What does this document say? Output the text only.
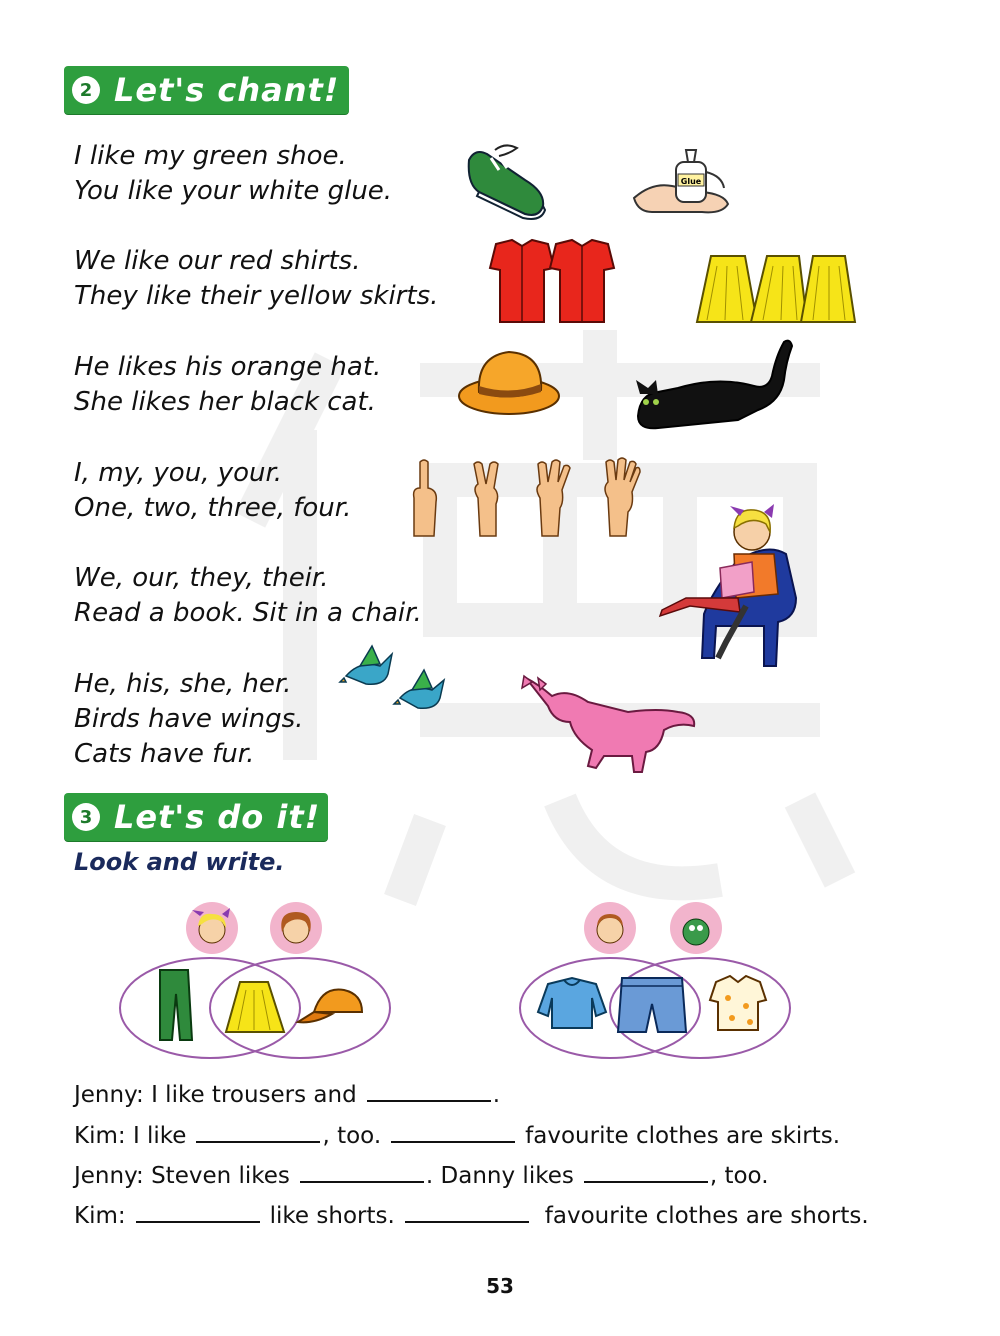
2 Let's chant!
I like my green shoe.
You like your white glue.
We like our red shirts.
They like their yellow skirts.
He likes his orange hat.
She likes her black cat.
I, my, you, your.
One, two, three, four.
We, our, they, their.
Read a book. Sit in a chair.
He, his, she, her.
Birds have wings.
Cats have fur.
Glue
3 Let's do it!
Look and write.
Jenny: I like trousers and	.
Kim: I like	, too.	favourite clothes are skirts.
Jenny: Steven likes	. Danny likes	, too.
Kim:	like shorts.	favourite clothes are shorts.
53
